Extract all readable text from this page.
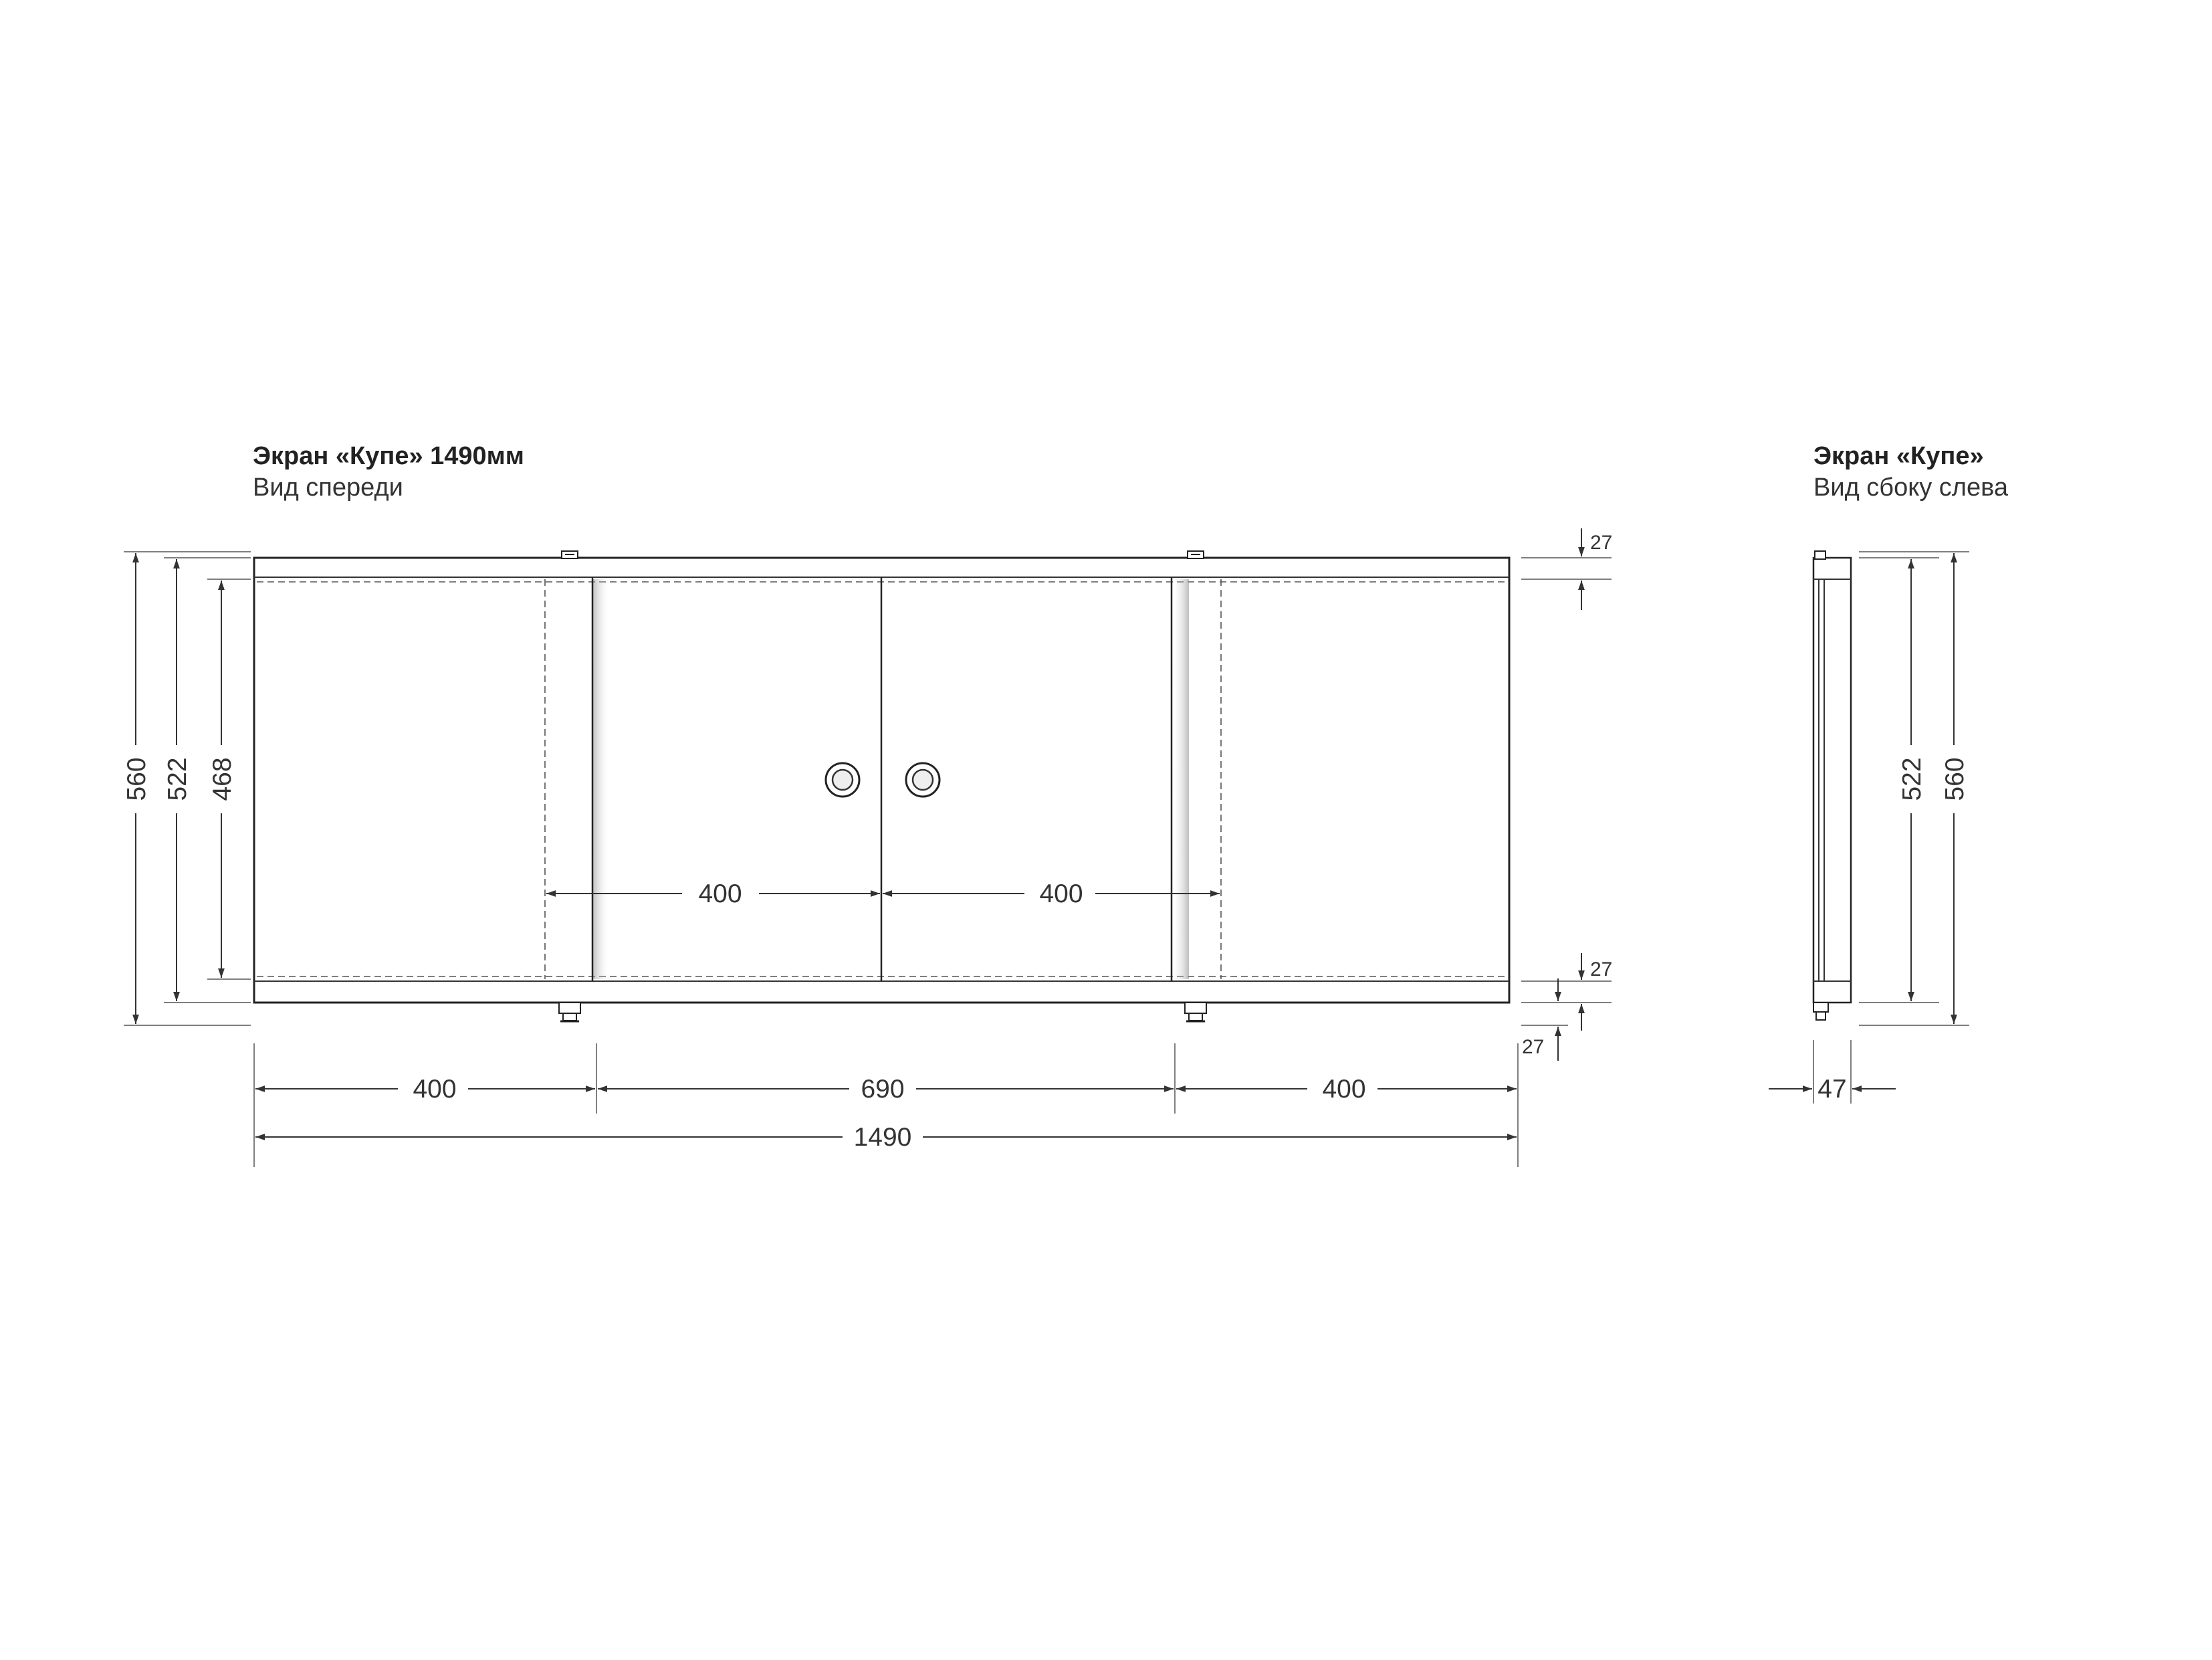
Экран «Купе» 1490мм
Вид спереди
560 522 468
27
27
27
400	400
400	690	400
1490
Экран «Купе»
Вид сбоку слева
522 560
47
